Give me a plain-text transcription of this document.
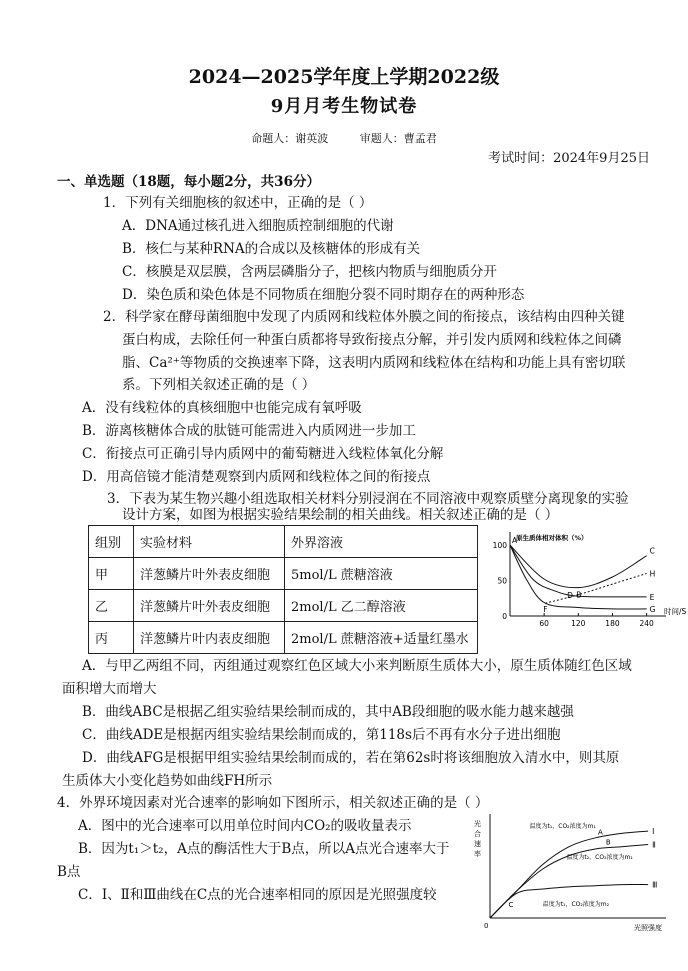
2024—2025学年度上学期2022级
9月月考生物试卷
命题人：谢英波	审题人：曹孟君
考试时间：2024年9月25日
一、单选题（18题，每小题2分，共36分）
1．下列有关细胞核的叙述中，正确的是（ ）
A．DNA通过核孔进入细胞质控制细胞的代谢
B．核仁与某种RNA的合成以及核糖体的形成有关
C．核膜是双层膜，含两层磷脂分子，把核内物质与细胞质分开
D．染色质和染色体是不同物质在细胞分裂不同时期存在的两种形态
2．科学家在酵母菌细胞中发现了内质网和线粒体外膜之间的衔接点，该结构由四种关键
蛋白构成，去除任何一种蛋白质都将导致衔接点分解，并引发内质网和线粒体之间磷
脂、Ca²⁺等物质的交换速率下降，这表明内质网和线粒体在结构和功能上具有密切联
系。下列相关叙述正确的是（ ）
A．没有线粒体的真核细胞中也能完成有氧呼吸
B．游离核糖体合成的肽链可能需进入内质网进一步加工
C．衔接点可正确引导内质网中的葡萄糖进入线粒体氧化分解
D．用高倍镜才能清楚观察到内质网和线粒体之间的衔接点
3．下表为某生物兴趣小组选取相关材料分别浸润在不同溶液中观察质壁分离现象的实验
设计方案，如图为根据实验结果绘制的相关曲线。相关叙述正确的是（ ）
组别	实验材料	外界溶液
甲	洋葱鳞片叶外表皮细胞	5mol/L 蔗糖溶液
乙	洋葱鳞片叶外表皮细胞	2mol/L 乙二醇溶液
丙	洋葱鳞片叶内表皮细胞	2mol/L 蔗糖溶液+适量红墨水
原生质体相对体积（%）
时间/S
100
50
0
60	120	180	240
A
B
C
D	E
F	G
H
A．与甲乙两组不同，丙组通过观察红色区域大小来判断原生质体大小，原生质体随红色区域
面积增大而增大
B．曲线ABC是根据乙组实验结果绘制而成的，其中AB段细胞的吸水能力越来越强
C．曲线ADE是根据丙组实验结果绘制而成的，第118s后不再有水分子进出细胞
D．曲线AFG是根据甲组实验结果绘制而成的，若在第62s时将该细胞放入清水中，则其原
生质体大小变化趋势如曲线FH所示
4．外界环境因素对光合速率的影响如下图所示，相关叙述正确的是（ ）
A．图中的光合速率可以用单位时间内CO₂的吸收量表示
B．因为t₁＞t₂，A点的酶活性大于B点，所以A点光合速率大于
B点
C．Ⅰ、Ⅱ和Ⅲ曲线在C点的光合速率相同的原因是光照强度较
光
合
速
率
光照强度
0
Ⅰ
温度为t₁，CO₂浓度为m₁
Ⅱ
温度为t₂，CO₂浓度为m₁
Ⅲ
温度为t₁，CO₂浓度为m₂
A
B
C
